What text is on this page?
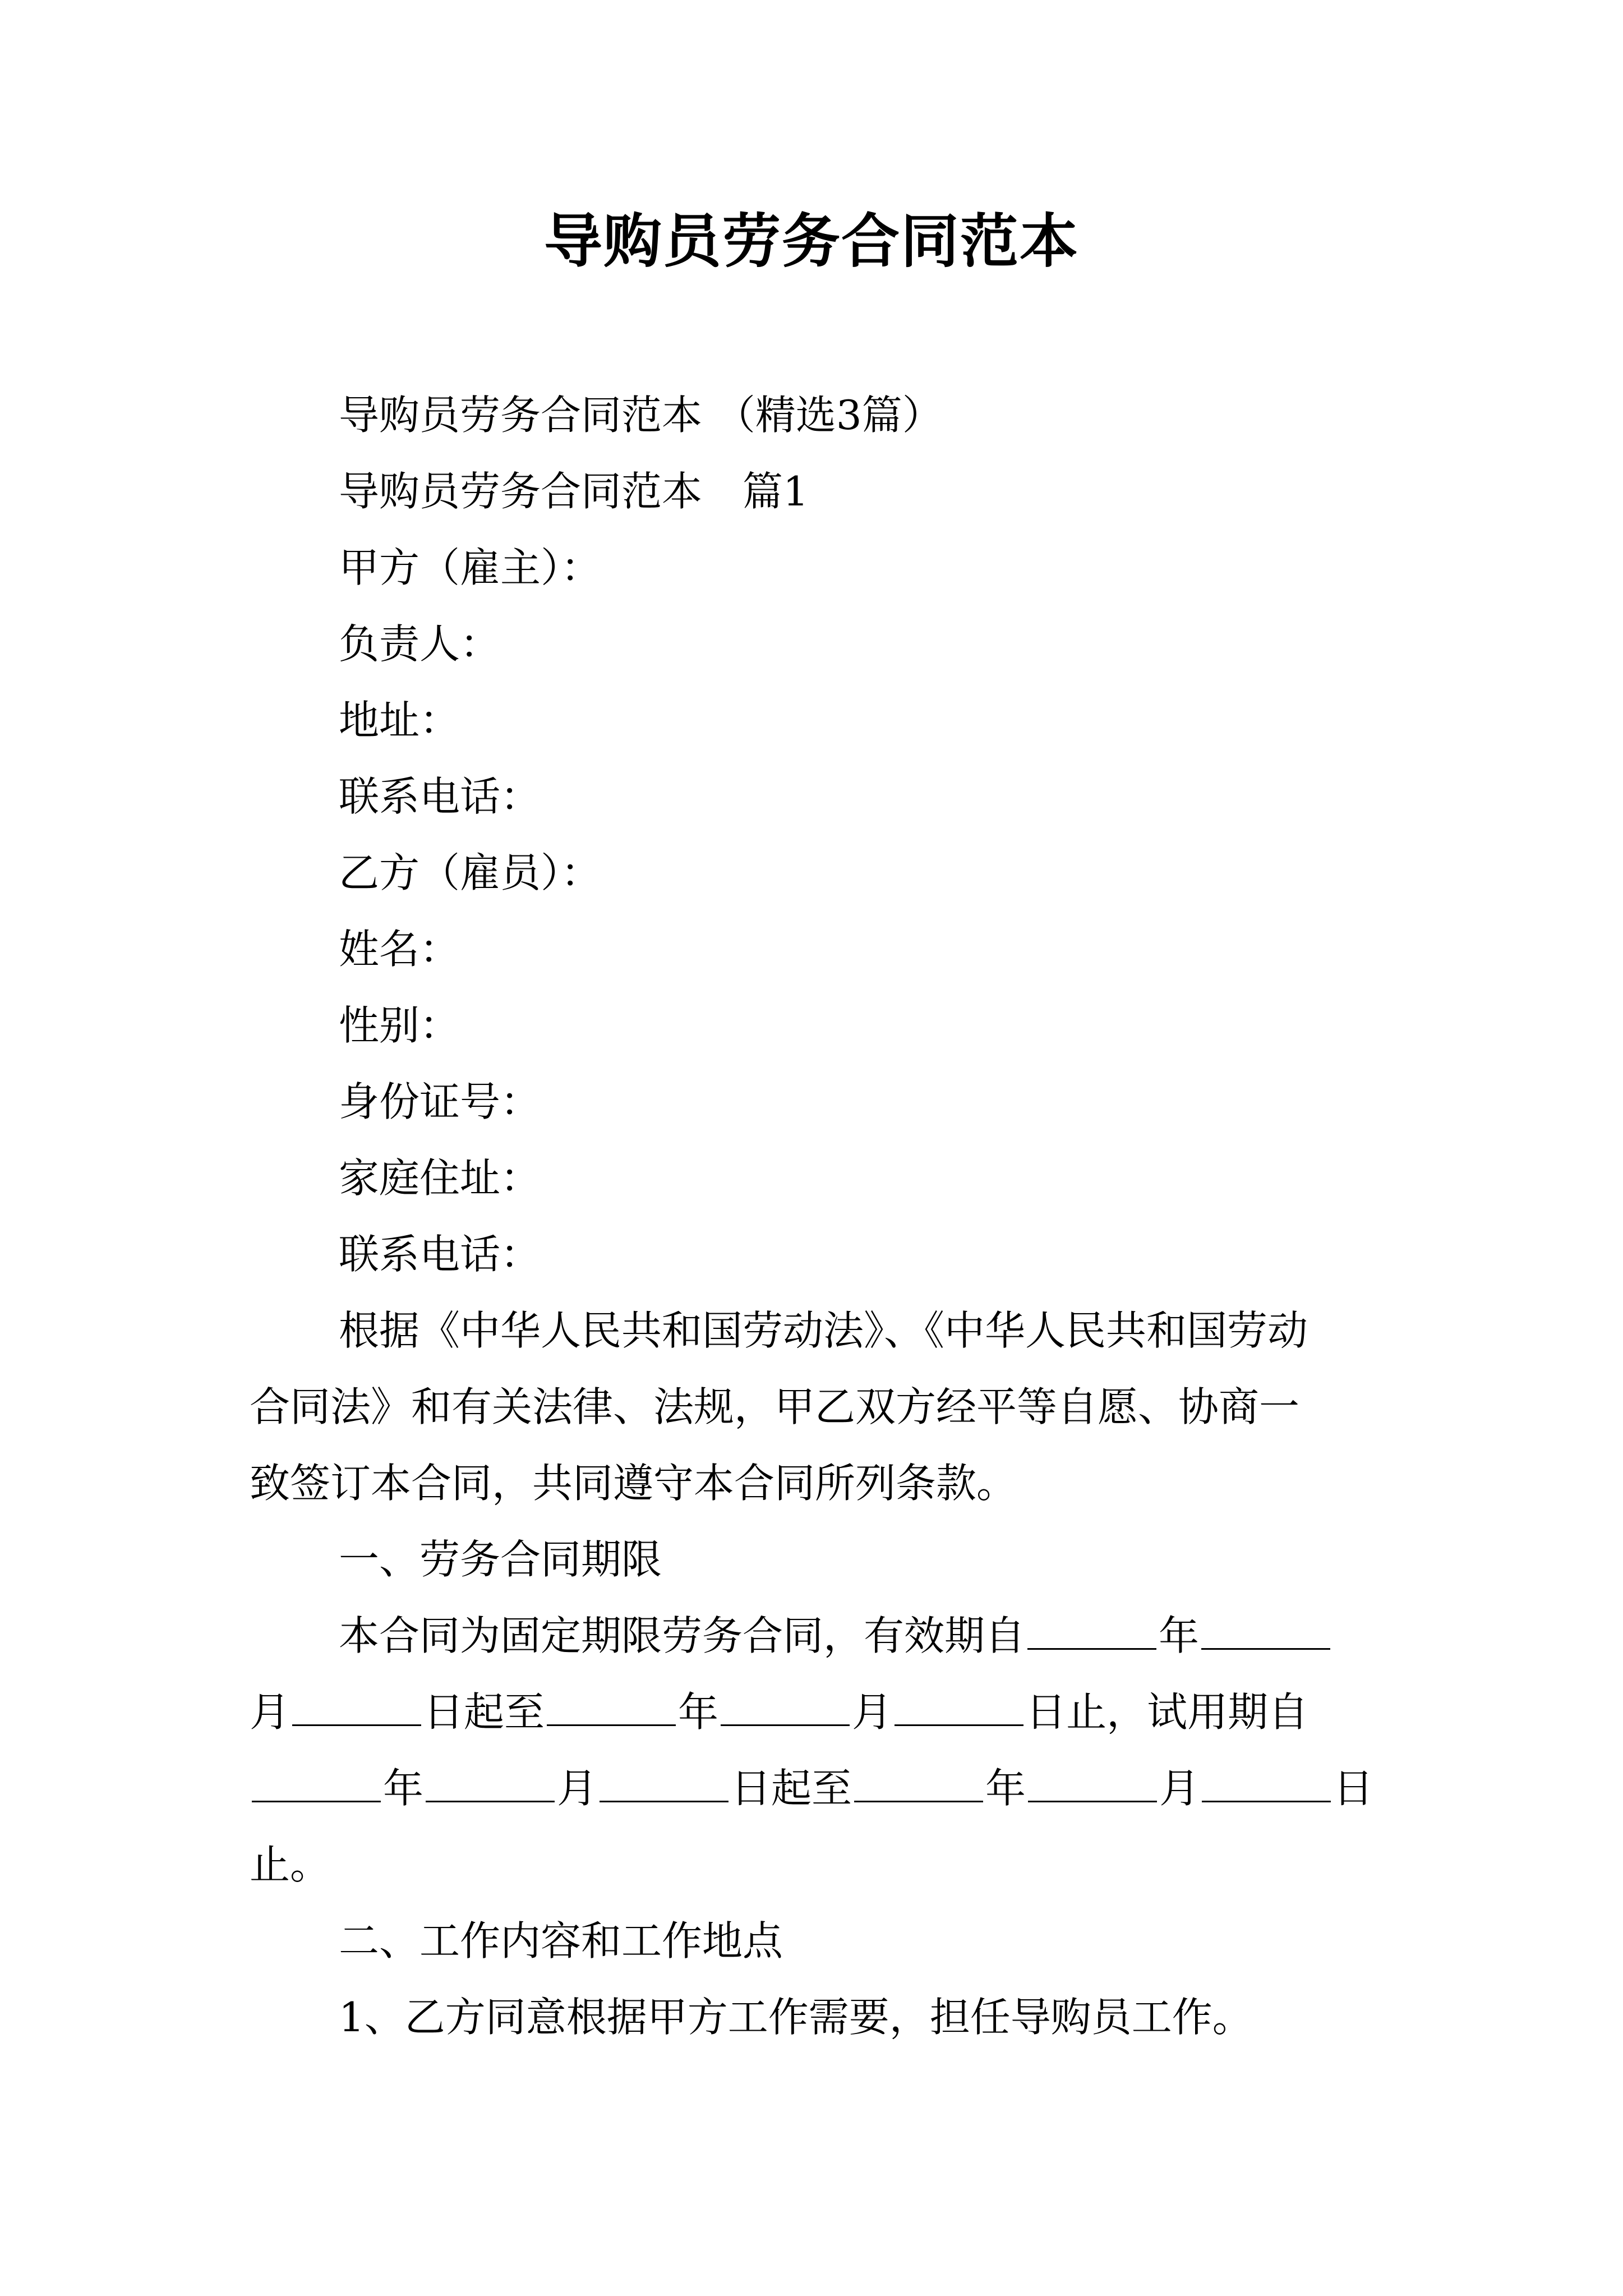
导购员劳务合同范本
导购员劳务合同范本 （精选3篇）
导购员劳务合同范本　篇1
甲方（雇主）：
负责人：
地址：
联系电话：
乙方（雇员）：
姓名：
性别：
身份证号：
家庭住址：
联系电话：
根据《中华人民共和国劳动法》、《中华人民共和国劳动
合同法》和有关法律、法规，甲乙双方经平等自愿、协商一
致签订本合同，共同遵守本合同所列条款。
一、劳务合同期限
本合同为固定期限劳务合同，有效期自	年
月	日起至	年	月	日止，试用期自
年	月	日起至	年	月	日
止。
二、工作内容和工作地点
1、乙方同意根据甲方工作需要，担任导购员工作。
